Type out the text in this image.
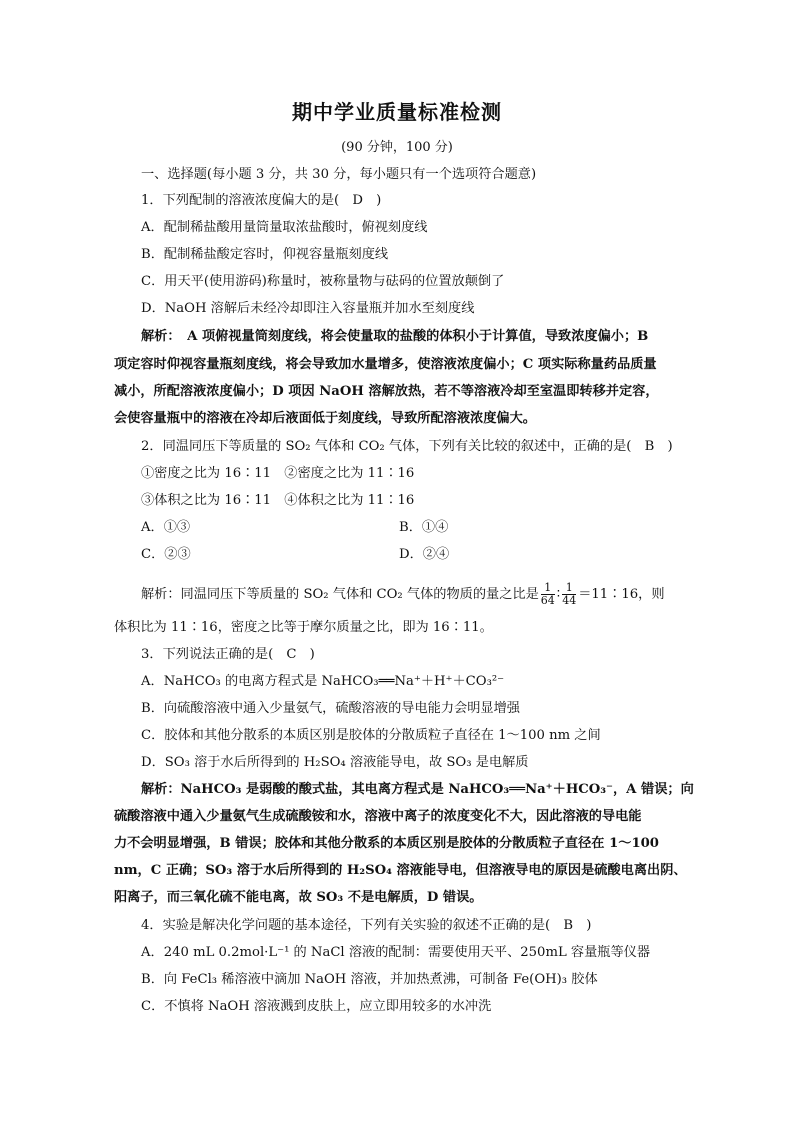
期中学业质量标准检测
(90 分钟，100 分)
一、选择题(每小题 3 分，共 30 分，每小题只有一个选项符合题意)
1．下列配制的溶液浓度偏大的是(　D　)
A．配制稀盐酸用量筒量取浓盐酸时，俯视刻度线
B．配制稀盐酸定容时，仰视容量瓶刻度线
C．用天平(使用游码)称量时，被称量物与砝码的位置放颠倒了
D．NaOH 溶解后未经冷却即注入容量瓶并加水至刻度线
解析：　A 项俯视量筒刻度线，将会使量取的盐酸的体积小于计算值，导致浓度偏小；B
项定容时仰视容量瓶刻度线，将会导致加水量增多，使溶液浓度偏小；C 项实际称量药品质量
减小，所配溶液浓度偏小；D 项因 NaOH 溶解放热，若不等溶液冷却至室温即转移并定容，
会使容量瓶中的溶液在冷却后液面低于刻度线，导致所配溶液浓度偏大。
2．同温同压下等质量的 SO₂ 气体和 CO₂ 气体，下列有关比较的叙述中，正确的是(　B　)
①密度之比为 16∶11　②密度之比为 11∶16
③体积之比为 16∶11　④体积之比为 11∶16
A．①③	B．①④
C．②③	D．②④
解析：同温同压下等质量的 SO₂ 气体和 CO₂ 气体的物质的量之比是 $\frac{1}{64}$ ∶ $\frac{1}{44}$ ＝11∶16，则
体积比为 11∶16，密度之比等于摩尔质量之比，即为 16∶11。
3．下列说法正确的是(　C　)
A．NaHCO₃ 的电离方程式是 NaHCO₃══Na⁺＋H⁺＋CO₃²⁻
B．向硫酸溶液中通入少量氨气，硫酸溶液的导电能力会明显增强
C．胶体和其他分散系的本质区别是胶体的分散质粒子直径在 1～100 nm 之间
D．SO₃ 溶于水后所得到的 H₂SO₄ 溶液能导电，故 SO₃ 是电解质
解析：NaHCO₃ 是弱酸的酸式盐，其电离方程式是 NaHCO₃══Na⁺＋HCO₃⁻，A 错误；向
硫酸溶液中通入少量氨气生成硫酸铵和水，溶液中离子的浓度变化不大，因此溶液的导电能
力不会明显增强，B 错误；胶体和其他分散系的本质区别是胶体的分散质粒子直径在 1～100
nm，C 正确；SO₃ 溶于水后所得到的 H₂SO₄ 溶液能导电，但溶液导电的原因是硫酸电离出阴、
阳离子，而三氧化硫不能电离，故 SO₃ 不是电解质，D 错误。
4．实验是解决化学问题的基本途径，下列有关实验的叙述不正确的是(　B　)
A．240 mL 0.2mol·L⁻¹ 的 NaCl 溶液的配制：需要使用天平、250mL 容量瓶等仪器
B．向 FeCl₃ 稀溶液中滴加 NaOH 溶液，并加热煮沸，可制备 Fe(OH)₃ 胶体
C．不慎将 NaOH 溶液溅到皮肤上，应立即用较多的水冲洗
